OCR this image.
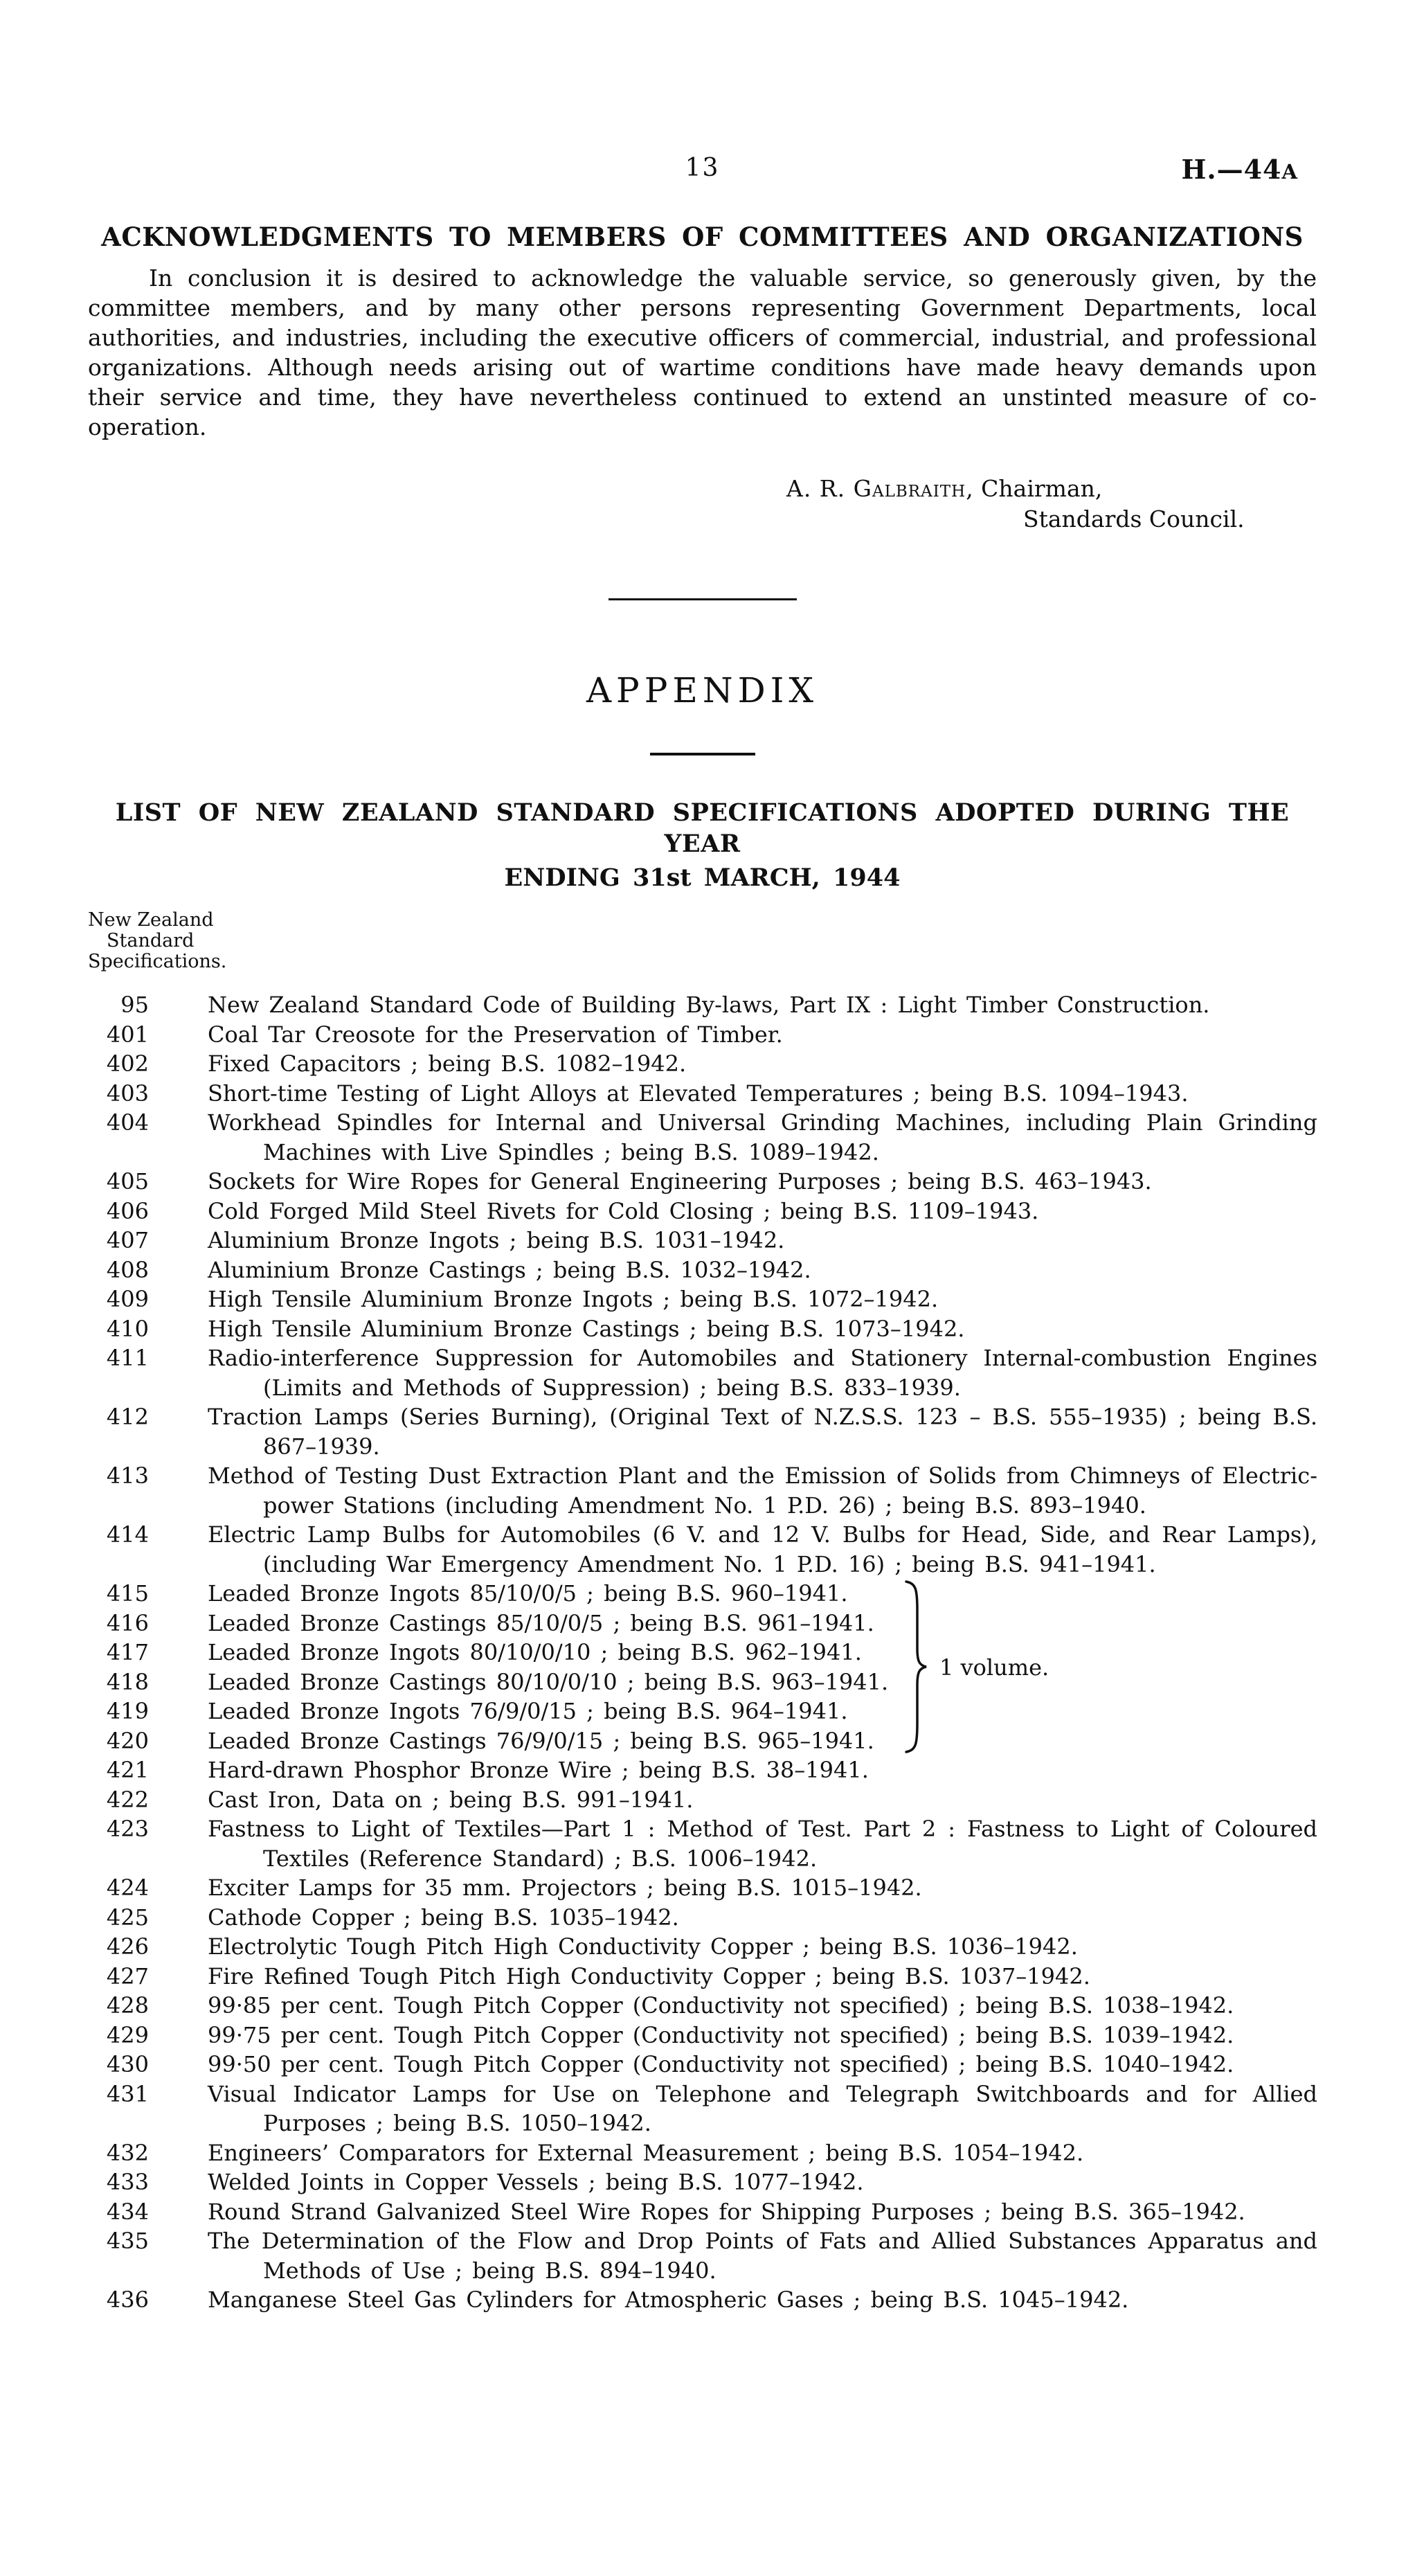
13	H.—44A
ACKNOWLEDGMENTS TO MEMBERS OF COMMITTEES AND ORGANIZATIONS

In conclusion it is desired to acknowledge the valuable service, so generously given, by the committee members, and by many other persons representing Government Departments, local authorities, and industries, including the executive officers of commercial, industrial, and professional organizations. Although needs arising out of wartime conditions have made heavy demands upon their service and time, they have nevertheless continued to extend an unstinted measure of co-operation.

A. R. Galbraith, Chairman,
Standards Council.
APPENDIX
LIST OF NEW ZEALAND STANDARD SPECIFICATIONS ADOPTED DURING THE YEAR
ENDING 31st MARCH, 1944
New Zealand
Standard
Specifications.
95	New Zealand Standard Code of Building By-laws, Part IX : Light Timber Construction.
401	Coal Tar Creosote for the Preservation of Timber.
402	Fixed Capacitors ; being B.S. 1082–1942.
403	Short-time Testing of Light Alloys at Elevated Temperatures ; being B.S. 1094–1943.
404	Workhead Spindles for Internal and Universal Grinding Machines, including Plain Grinding Machines with Live Spindles ; being B.S. 1089–1942.
405	Sockets for Wire Ropes for General Engineering Purposes ; being B.S. 463–1943.
406	Cold Forged Mild Steel Rivets for Cold Closing ; being B.S. 1109–1943.
407	Aluminium Bronze Ingots ; being B.S. 1031–1942.
408	Aluminium Bronze Castings ; being B.S. 1032–1942.
409	High Tensile Aluminium Bronze Ingots ; being B.S. 1072–1942.
410	High Tensile Aluminium Bronze Castings ; being B.S. 1073–1942.
411	Radio-interference Suppression for Automobiles and Stationery Internal-combustion Engines (Limits and Methods of Suppression) ; being B.S. 833–1939.
412	Traction Lamps (Series Burning), (Original Text of N.Z.S.S. 123 – B.S. 555–1935) ; being B.S. 867–1939.
413	Method of Testing Dust Extraction Plant and the Emission of Solids from Chimneys of Electric-power Stations (including Amendment No. 1 P.D. 26) ; being B.S. 893–1940.
414	Electric Lamp Bulbs for Automobiles (6 V. and 12 V. Bulbs for Head, Side, and Rear Lamps), (including War Emergency Amendment No. 1 P.D. 16) ; being B.S. 941–1941.
415	Leaded Bronze Ingots 85/10/0/5 ; being B.S. 960–1941.
416	Leaded Bronze Castings 85/10/0/5 ; being B.S. 961–1941.
417	Leaded Bronze Ingots 80/10/0/10 ; being B.S. 962–1941.
418	Leaded Bronze Castings 80/10/0/10 ; being B.S. 963–1941.
419	Leaded Bronze Ingots 76/9/0/15 ; being B.S. 964–1941.
420	Leaded Bronze Castings 76/9/0/15 ; being B.S. 965–1941.
1 volume.
421	Hard-drawn Phosphor Bronze Wire ; being B.S. 38–1941.
422	Cast Iron, Data on ; being B.S. 991–1941.
423	Fastness to Light of Textiles—Part 1 : Method of Test. Part 2 : Fastness to Light of Coloured Textiles (Reference Standard) ; B.S. 1006–1942.
424	Exciter Lamps for 35 mm. Projectors ; being B.S. 1015–1942.
425	Cathode Copper ; being B.S. 1035–1942.
426	Electrolytic Tough Pitch High Conductivity Copper ; being B.S. 1036–1942.
427	Fire Refined Tough Pitch High Conductivity Copper ; being B.S. 1037–1942.
428	99·85 per cent. Tough Pitch Copper (Conductivity not specified) ; being B.S. 1038–1942.
429	99·75 per cent. Tough Pitch Copper (Conductivity not specified) ; being B.S. 1039–1942.
430	99·50 per cent. Tough Pitch Copper (Conductivity not specified) ; being B.S. 1040–1942.
431	Visual Indicator Lamps for Use on Telephone and Telegraph Switchboards and for Allied Purposes ; being B.S. 1050–1942.
432	Engineers’ Comparators for External Measurement ; being B.S. 1054–1942.
433	Welded Joints in Copper Vessels ; being B.S. 1077–1942.
434	Round Strand Galvanized Steel Wire Ropes for Shipping Purposes ; being B.S. 365–1942.
435	The Determination of the Flow and Drop Points of Fats and Allied Substances Apparatus and Methods of Use ; being B.S. 894–1940.
436	Manganese Steel Gas Cylinders for Atmospheric Gases ; being B.S. 1045–1942.
